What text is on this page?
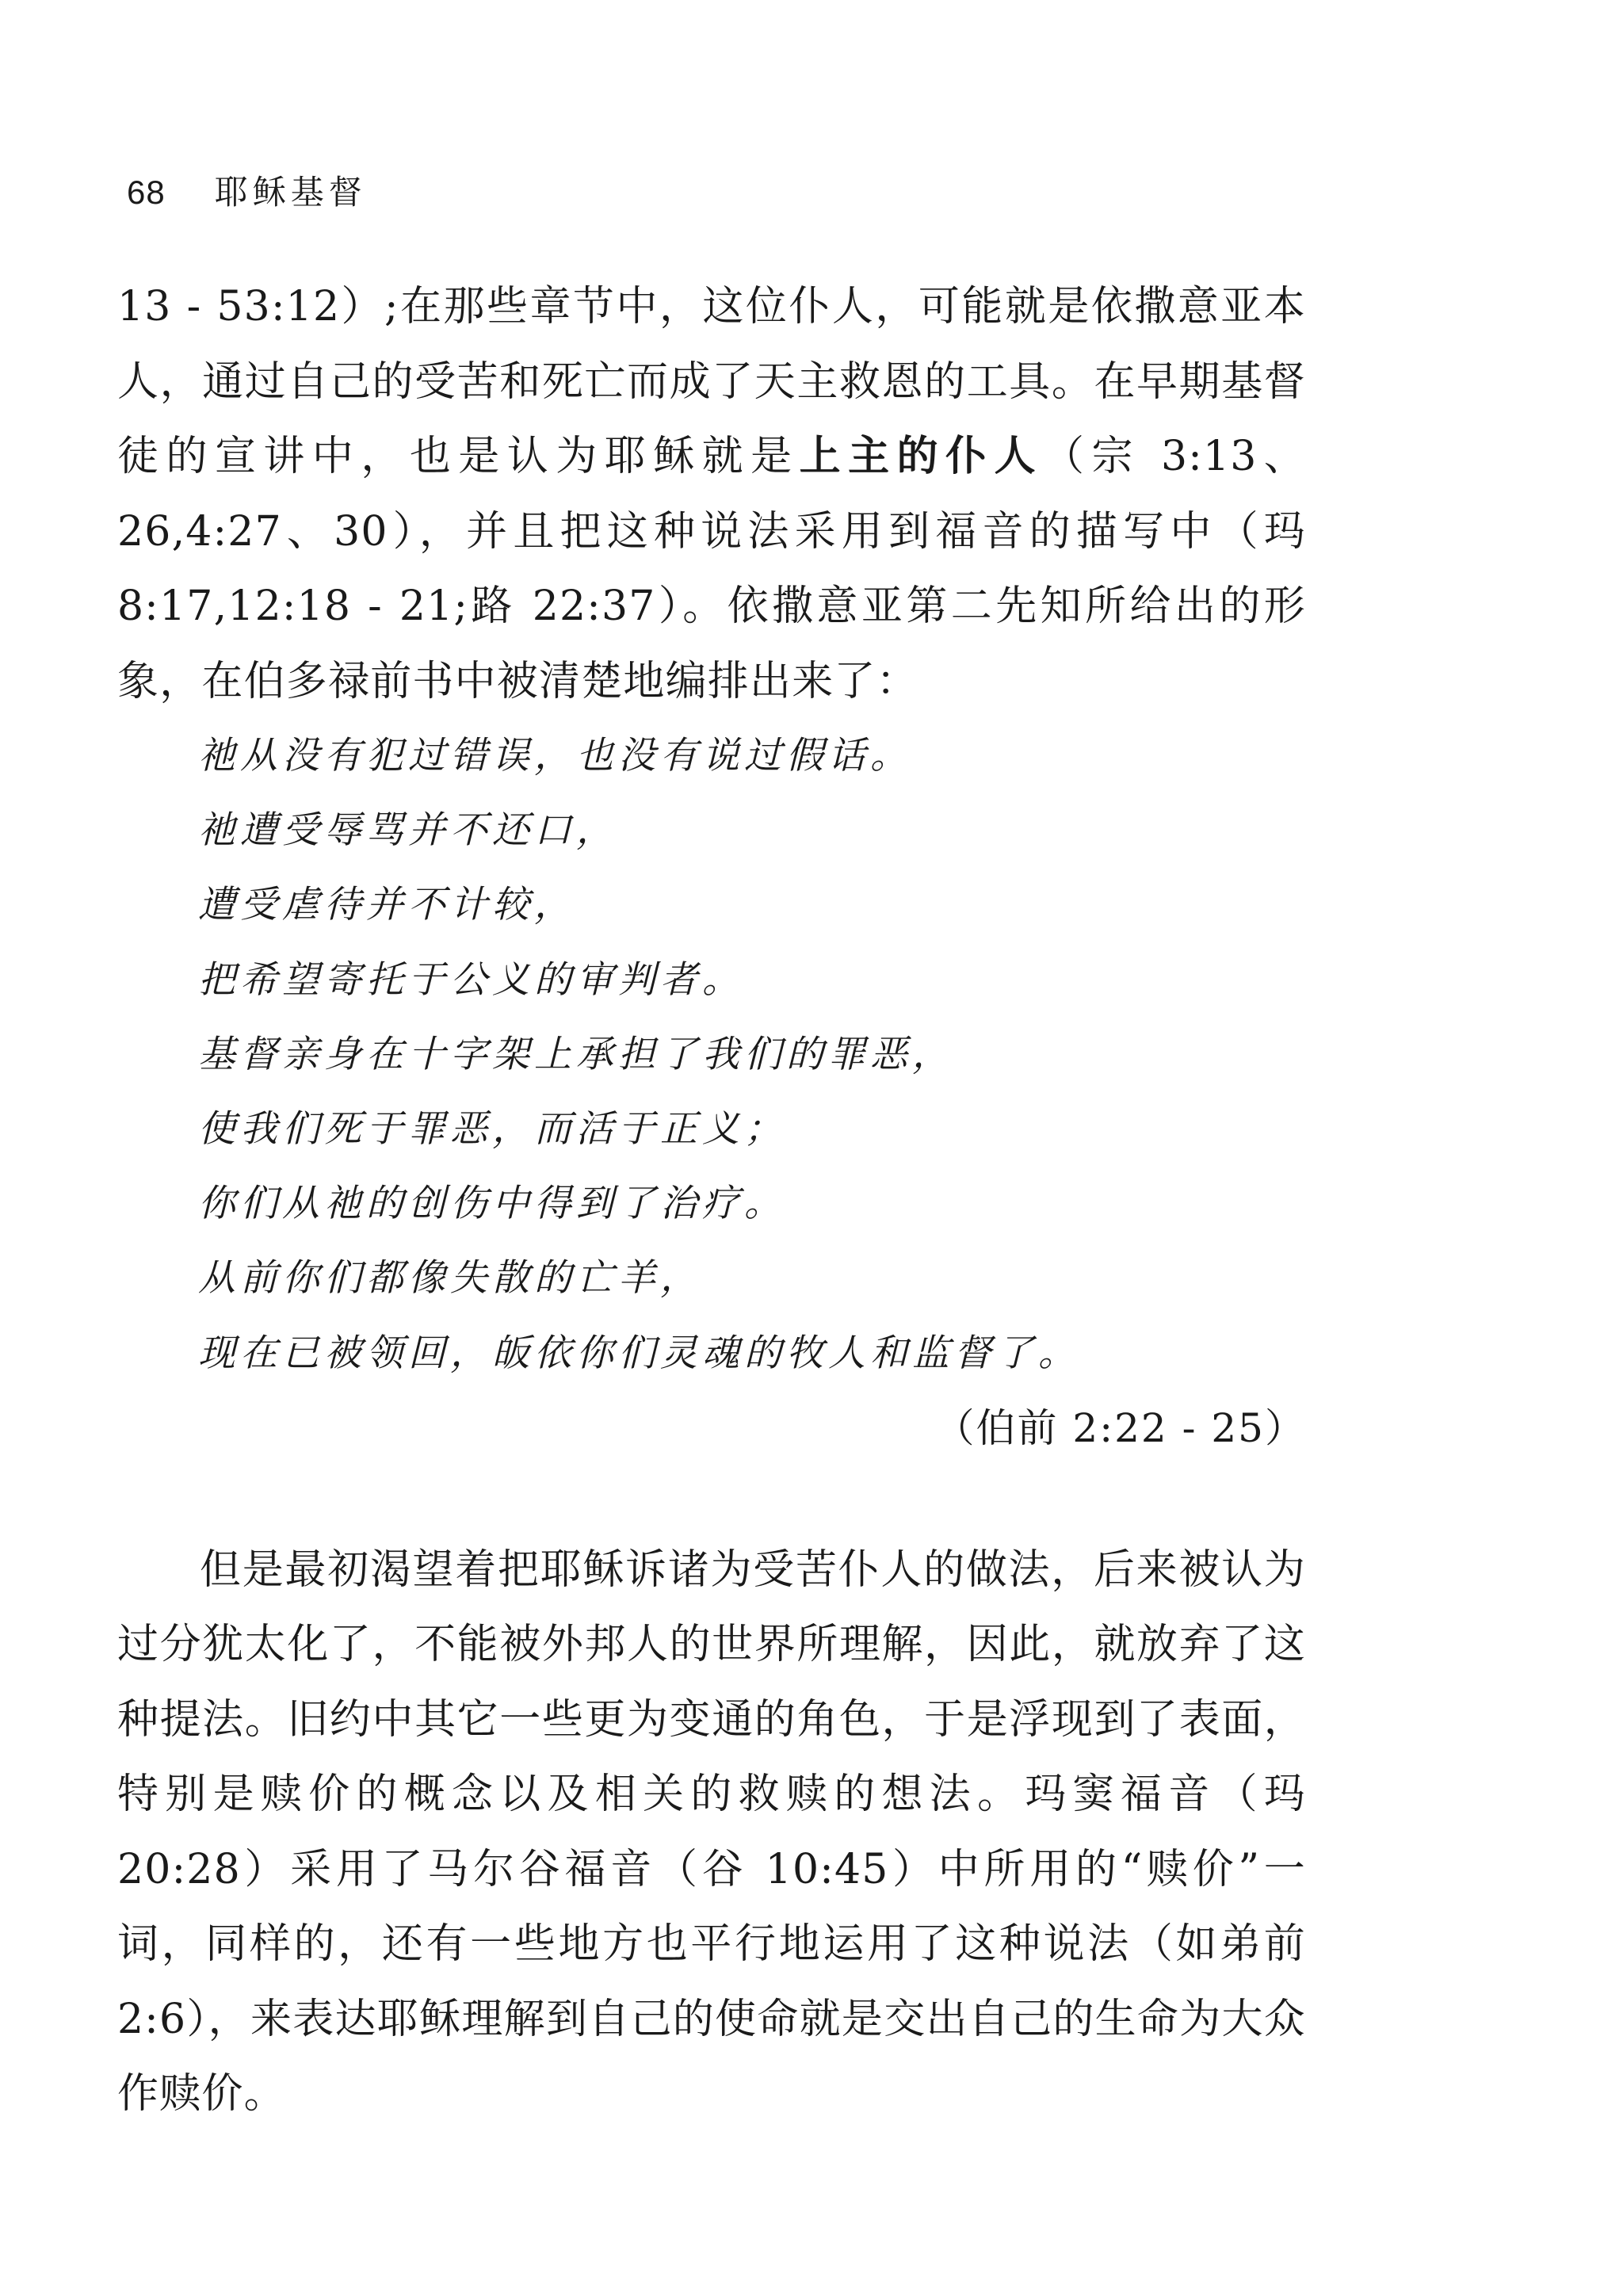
68 耶稣基督

13 - 53:12）;在那些章节中，这位仆人，可能就是依撒意亚本人，通过自己的受苦和死亡而成了天主救恩的工具。在早期基督徒的宣讲中，也是认为耶稣就是上主的仆人（宗 3:13、26,4:27、30），并且把这种说法采用到福音的描写中（玛 8:17,12:18 - 21;路 22:37）。依撒意亚第二先知所给出的形象，在伯多禄前书中被清楚地编排出来了：

祂从没有犯过错误，也没有说过假话。
祂遭受辱骂并不还口，
遭受虐待并不计较，
把希望寄托于公义的审判者。
基督亲身在十字架上承担了我们的罪恶，
使我们死于罪恶，而活于正义；
你们从祂的创伤中得到了治疗。
从前你们都像失散的亡羊，
现在已被领回，皈依你们灵魂的牧人和监督了。
（伯前 2:22 - 25）

但是最初渴望着把耶稣诉诸为受苦仆人的做法，后来被认为过分犹太化了，不能被外邦人的世界所理解，因此，就放弃了这种提法。旧约中其它一些更为变通的角色，于是浮现到了表面，特别是赎价的概念以及相关的救赎的想法。玛窦福音（玛 20:28）采用了马尔谷福音（谷 10:45）中所用的“赎价”一词，同样的，还有一些地方也平行地运用了这种说法（如弟前 2:6），来表达耶稣理解到自己的使命就是交出自己的生命为大众作赎价。
